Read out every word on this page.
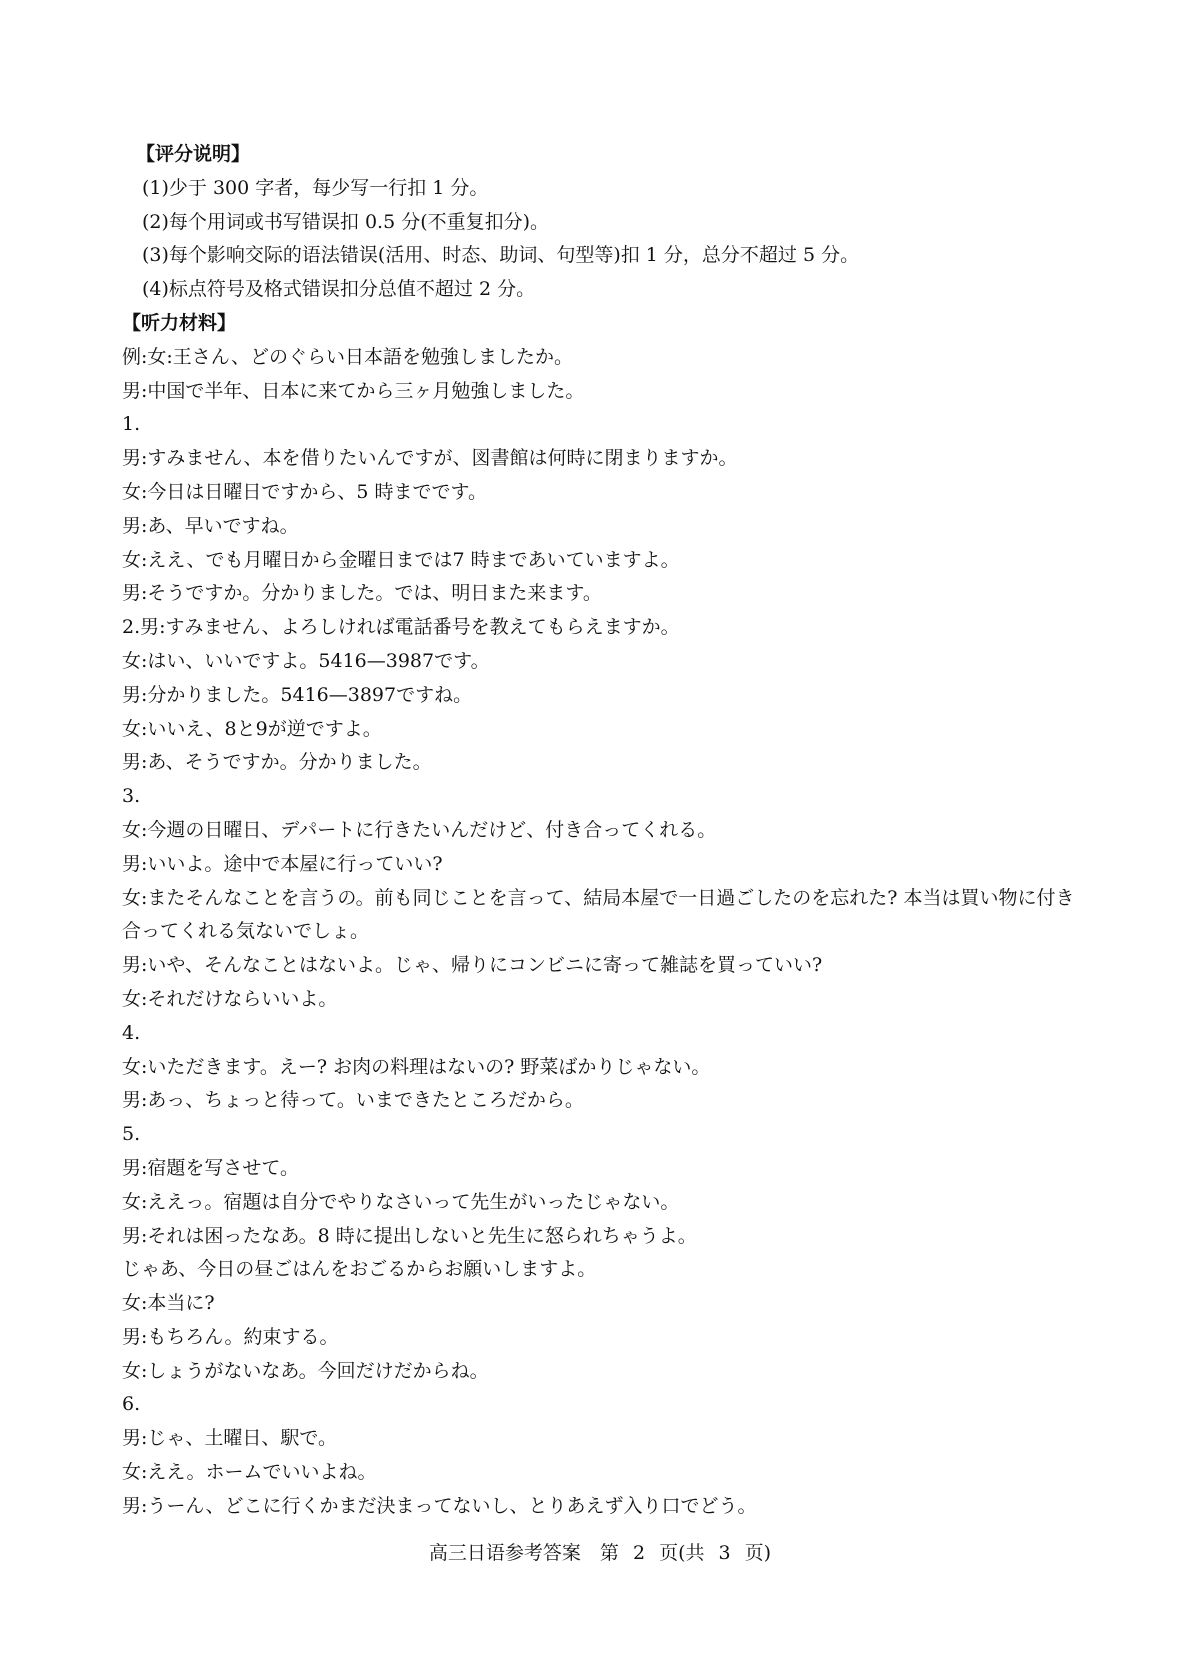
【评分说明】
(1)少于 300 字者，每少写一行扣 1 分。
(2)每个用词或书写错误扣 0.5 分(不重复扣分)。
(3)每个影响交际的语法错误(活用、时态、助词、句型等)扣 1 分，总分不超过 5 分。
(4)标点符号及格式错误扣分总值不超过 2 分。
【听力材料】
例:女:王さん、どのぐらい日本語を勉強しましたか。
男:中国で半年、日本に来てから三ヶ月勉強しました。
1.
男:すみません、本を借りたいんですが、図書館は何時に閉まりますか。
女:今日は日曜日ですから、5 時までです。
男:あ、早いですね。
女:ええ、でも月曜日から金曜日までは7 時まであいていますよ。
男:そうですか。分かりました。では、明日また来ます。
2.男:すみません、よろしければ電話番号を教えてもらえますか。
女:はい、いいですよ。5416—3987です。
男:分かりました。5416—3897ですね。
女:いいえ、8と9が逆ですよ。
男:あ、そうですか。分かりました。
3.
女:今週の日曜日、デパートに行きたいんだけど、付き合ってくれる。
男:いいよ。途中で本屋に行っていい?
女:またそんなことを言うの。前も同じことを言って、結局本屋で一日過ごしたのを忘れた? 本当は買い物に付き合ってくれる気ないでしょ。
男:いや、そんなことはないよ。じゃ、帰りにコンビニに寄って雑誌を買っていい?
女:それだけならいいよ。
4.
女:いただきます。えー? お肉の料理はないの? 野菜ばかりじゃない。
男:あっ、ちょっと待って。いまできたところだから。
5.
男:宿題を写させて。
女:ええっ。宿題は自分でやりなさいって先生がいったじゃない。
男:それは困ったなあ。8 時に提出しないと先生に怒られちゃうよ。
じゃあ、今日の昼ごはんをおごるからお願いしますよ。
女:本当に?
男:もちろん。約束する。
女:しょうがないなあ。今回だけだからね。
6.
男:じゃ、土曜日、駅で。
女:ええ。ホームでいいよね。
男:うーん、どこに行くかまだ決まってないし、とりあえず入り口でどう。
高三日语参考答案　第 2 页(共 3 页)
